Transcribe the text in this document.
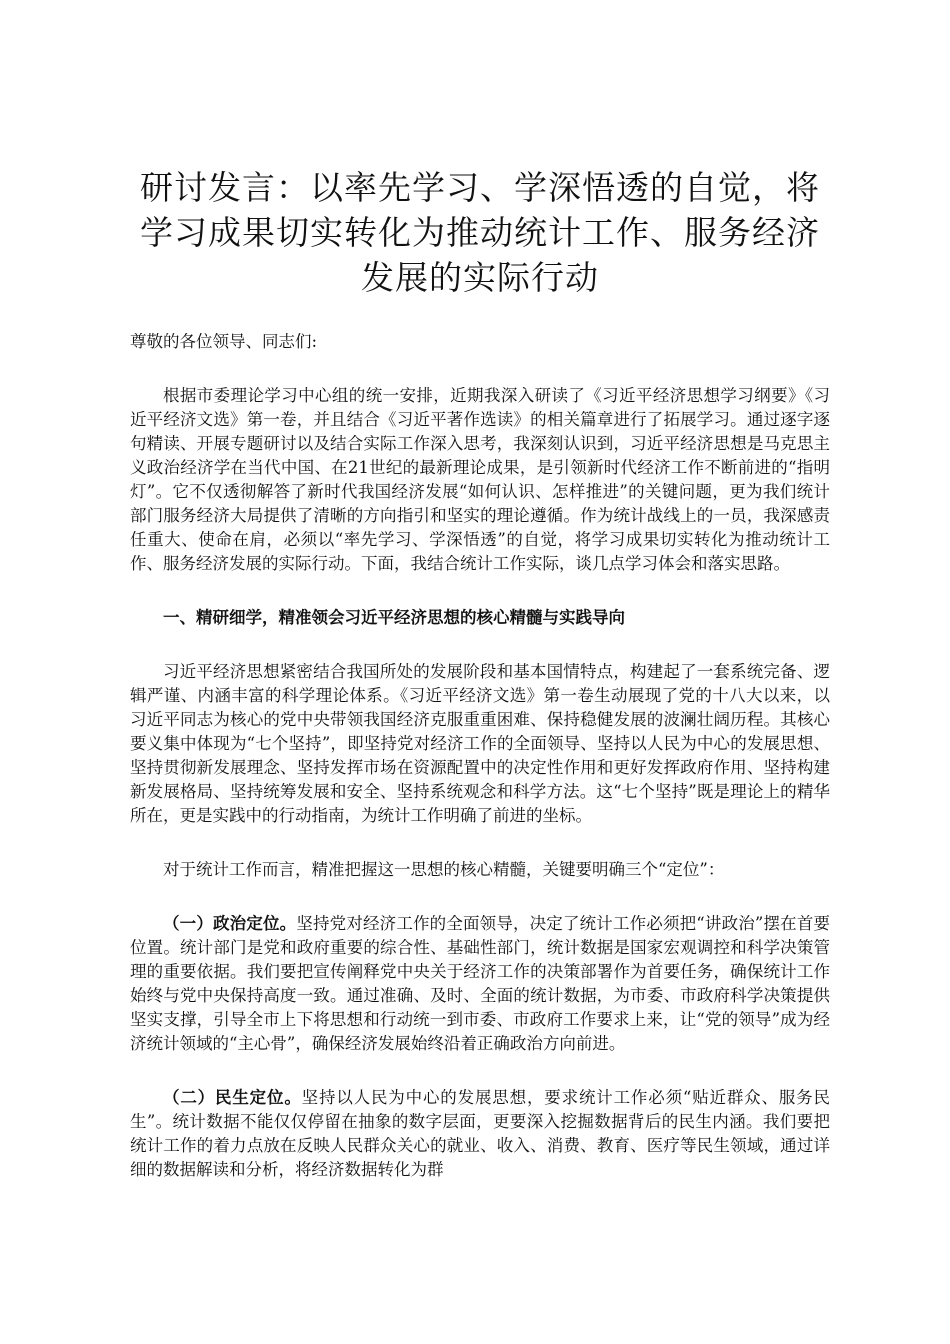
研讨发言：以率先学习、学深悟透的自觉，将
学习成果切实转化为推动统计工作、服务经济
发展的实际行动

尊敬的各位领导、同志们:

根据市委理论学习中心组的统一安排，近期我深入研读了《习近平经济思想学习纲要》《习近平经济文选》第一卷，并且结合《习近平著作选读》的相关篇章进行了拓展学习。通过逐字逐句精读、开展专题研讨以及结合实际工作深入思考，我深刻认识到，习近平经济思想是马克思主义政治经济学在当代中国、在21世纪的最新理论成果，是引领新时代经济工作不断前进的“指明灯”。它不仅透彻解答了新时代我国经济发展“如何认识、怎样推进”的关键问题，更为我们统计部门服务经济大局提供了清晰的方向指引和坚实的理论遵循。作为统计战线上的一员，我深感责任重大、使命在肩，必须以“率先学习、学深悟透”的自觉，将学习成果切实转化为推动统计工作、服务经济发展的实际行动。下面，我结合统计工作实际，谈几点学习体会和落实思路。

一、精研细学，精准领会习近平经济思想的核心精髓与实践导向

习近平经济思想紧密结合我国所处的发展阶段和基本国情特点，构建起了一套系统完备、逻辑严谨、内涵丰富的科学理论体系。《习近平经济文选》第一卷生动展现了党的十八大以来，以习近平同志为核心的党中央带领我国经济克服重重困难、保持稳健发展的波澜壮阔历程。其核心要义集中体现为“七个坚持”，即坚持党对经济工作的全面领导、坚持以人民为中心的发展思想、坚持贯彻新发展理念、坚持发挥市场在资源配置中的决定性作用和更好发挥政府作用、坚持构建新发展格局、坚持统筹发展和安全、坚持系统观念和科学方法。这“七个坚持”既是理论上的精华所在，更是实践中的行动指南，为统计工作明确了前进的坐标。

对于统计工作而言，精准把握这一思想的核心精髓，关键要明确三个“定位”：

（一）政治定位。坚持党对经济工作的全面领导，决定了统计工作必须把“讲政治”摆在首要位置。统计部门是党和政府重要的综合性、基础性部门，统计数据是国家宏观调控和科学决策管理的重要依据。我们要把宣传阐释党中央关于经济工作的决策部署作为首要任务，确保统计工作始终与党中央保持高度一致。通过准确、及时、全面的统计数据，为市委、市政府科学决策提供坚实支撑，引导全市上下将思想和行动统一到市委、市政府工作要求上来，让“党的领导”成为经济统计领域的“主心骨”，确保经济发展始终沿着正确政治方向前进。

（二）民生定位。坚持以人民为中心的发展思想，要求统计工作必须“贴近群众、服务民生”。统计数据不能仅仅停留在抽象的数字层面，更要深入挖掘数据背后的民生内涵。我们要把统计工作的着力点放在反映人民群众关心的就业、收入、消费、教育、医疗等民生领域，通过详细的数据解读和分析，将经济数据转化为群
